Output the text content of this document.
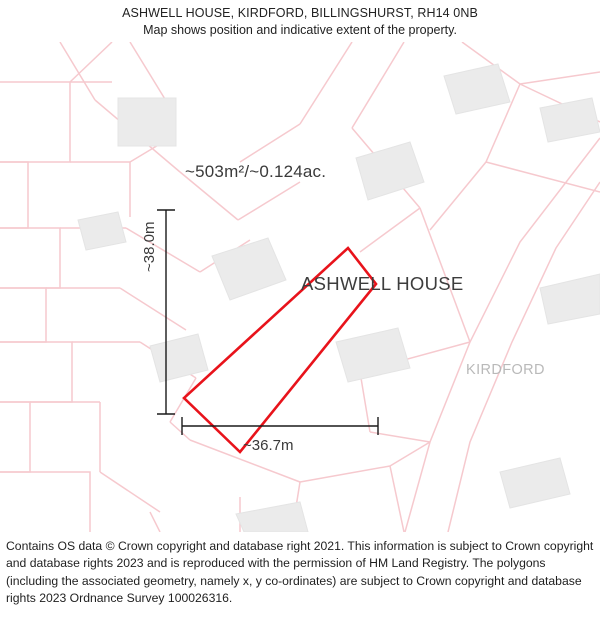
ASHWELL HOUSE, KIRDFORD, BILLINGSHURST, RH14 0NB
Map shows position and indicative extent of the property.
~503m²/~0.124ac.
ASHWELL HOUSE
KIRDFORD
~38.0m
~36.7m
Contains OS data © Crown copyright and database right 2021. This information is subject to Crown copyright and database rights 2023 and is reproduced with the permission of HM Land Registry. The polygons (including the associated geometry, namely x, y co-ordinates) are subject to Crown copyright and database rights 2023 Ordnance Survey 100026316.
